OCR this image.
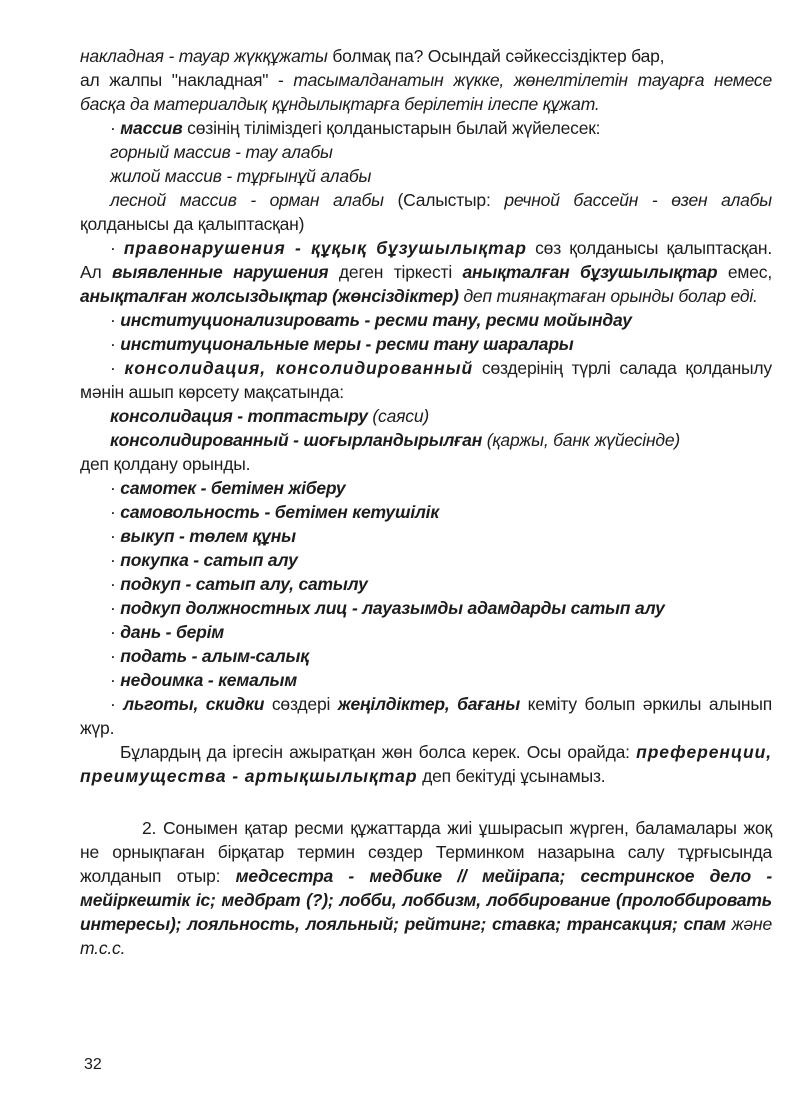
накладная - тауар жүкқұжаты болмақ па? Осындай сәйкессіздіктер бар,
ал жалпы "накладная" - тасымалданатын жүкке, жөнелтілетін тауарға немесе басқа да материалдық құндылықтарға берілетін ілеспе құжат.

· массив сөзінің тіліміздегі қолданыстарын былай жүйелесек:

горный массив - тау алабы

жилой массив - тұрғынұй алабы

лесной массив - орман алабы (Салыстыр: речной бассейн - өзен алабы қолданысы да қалыптасқан)

· правонарушения - құқық бұзушылықтар сөз қолданысы қалыптасқан. Ал выявленные нарушения деген тіркесті анықталған бұзушылықтар емес, анықталған жолсыздықтар (жөнсіздіктер) деп тиянақтаған орынды болар еді.

· институционализировать - ресми тану, ресми мойындау

· институциональные меры - ресми тану шаралары

· консолидация, консолидированный сөздерінің түрлі салада қолданылу мәнін ашып көрсету мақсатында:

консолидация - топтастыру (саяси)

консолидированный - шоғырландырылған (қаржы, банк жүйесінде)
деп қолдану орынды.

· самотек - бетімен жіберу

· самовольность - бетімен кетушілік

· выкуп - төлем құны

· покупка - сатып алу

· подкуп - сатып алу, сатылу

· подкуп должностных лиц - лауазымды адамдарды сатып алу

· дань - берім

· подать - алым-салық

· недоимка - кемалым

· льготы, скидки сөздері жеңілдіктер, бағаны кеміту болып әркилы алынып жүр.

Бұлардың да іргесін ажыратқан жөн болса керек. Осы орайда: преференции, преимущества - артықшылықтар деп бекітуді ұсынамыз.

2. Сонымен қатар ресми құжаттарда жиі ұшырасып жүрген, баламалары жоқ не орнықпаған бірқатар термин сөздер Терминком назарына салу тұрғысында жолданып отыр: медсестра - медбике // мейірапа; сестринское дело - мейіркештік іс; медбрат (?); лобби, лоббизм, лоббирование (пролоббировать интересы); лояльность, лояльный; рейтинг; ставка; трансакция; спам және т.с.с.

32
